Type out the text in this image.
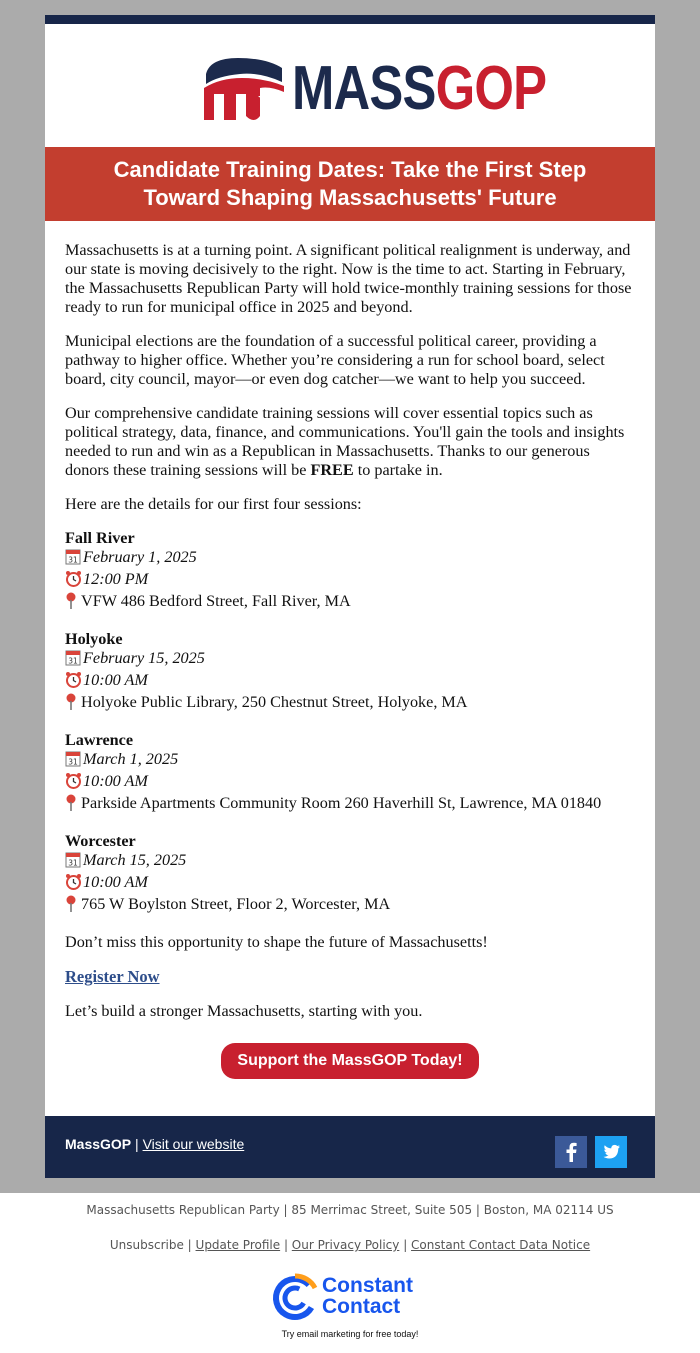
MASSGOP
Candidate Training Dates: Take the First Step Toward Shaping Massachusetts' Future

Massachusetts is at a turning point. A significant political realignment is underway, and our state is moving decisively to the right. Now is the time to act. Starting in February, the Massachusetts Republican Party will hold twice-monthly training sessions for those ready to run for municipal office in 2025 and beyond.

Municipal elections are the foundation of a successful political career, providing a pathway to higher office. Whether you’re considering a run for school board, select board, city council, mayor—or even dog catcher—we want to help you succeed.

Our comprehensive candidate training sessions will cover essential topics such as political strategy, data, finance, and communications. You'll gain the tools and insights needed to run and win as a Republican in Massachusetts. Thanks to our generous donors these training sessions will be FREE to partake in.

Here are the details for our first four sessions:

Fall River
31 February 1, 2025
12:00 PM
VFW 486 Bedford Street, Fall River, MA
Holyoke
31 February 15, 2025
10:00 AM
Holyoke Public Library, 250 Chestnut Street, Holyoke, MA
Lawrence
31 March 1, 2025
10:00 AM
Parkside Apartments Community Room 260 Haverhill St, Lawrence, MA 01840
Worcester
31 March 15, 2025
10:00 AM
765 W Boylston Street, Floor 2, Worcester, MA

Don’t miss this opportunity to shape the future of Massachusetts!

Register Now

Let’s build a stronger Massachusetts, starting with you.

Support the MassGOP Today!
MassGOP | Visit our website
Massachusetts Republican Party | 85 Merrimac Street, Suite 505 | Boston, MA 02114 US
Unsubscribe | Update Profile | Our Privacy Policy | Constant Contact Data Notice
Constant
Contact
Try email marketing for free today!
